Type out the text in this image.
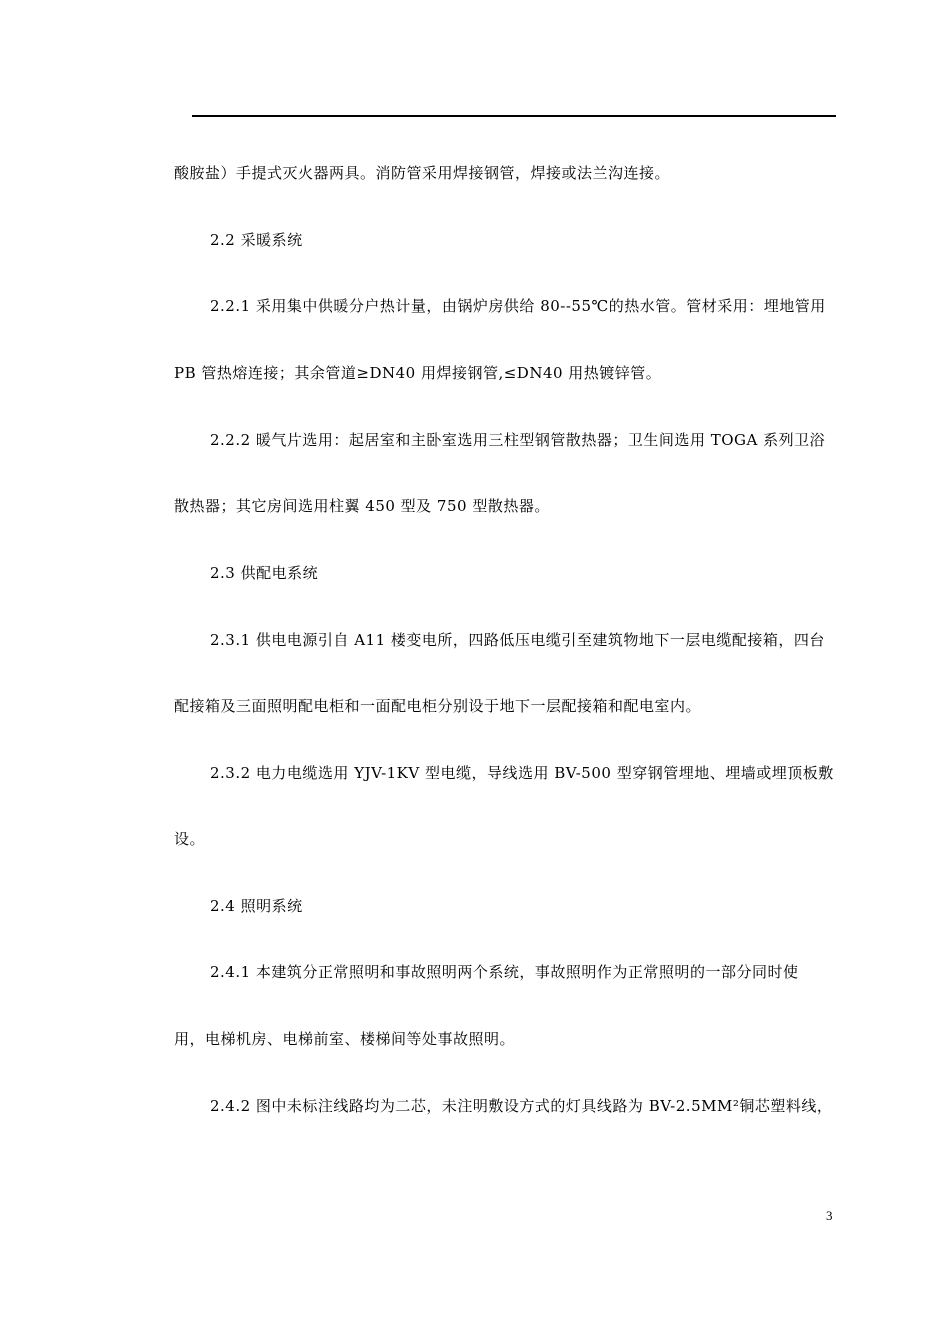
酸胺盐）手提式灭火器两具。消防管采用焊接钢管，焊接或法兰沟连接。
2.2 采暖系统
2.2.1 采用集中供暖分户热计量，由锅炉房供给 80--55℃的热水管。管材采用：埋地管用
PB 管热熔连接；其余管道≥DN40 用焊接钢管,≤DN40 用热镀锌管。
2.2.2 暖气片选用：起居室和主卧室选用三柱型钢管散热器；卫生间选用 TOGA 系列卫浴
散热器；其它房间选用柱翼 450 型及 750 型散热器。
2.3 供配电系统
2.3.1 供电电源引自 A11 楼变电所，四路低压电缆引至建筑物地下一层电缆配接箱，四台
配接箱及三面照明配电柜和一面配电柜分别设于地下一层配接箱和配电室内。
2.3.2 电力电缆选用 YJV-1KV 型电缆，导线选用 BV-500 型穿钢管埋地、埋墙或埋顶板敷
设。
2.4 照明系统
2.4.1 本建筑分正常照明和事故照明两个系统，事故照明作为正常照明的一部分同时使
用，电梯机房、电梯前室、楼梯间等处事故照明。
2.4.2 图中未标注线路均为二芯，未注明敷设方式的灯具线路为 BV-2.5MM²铜芯塑料线，
3
